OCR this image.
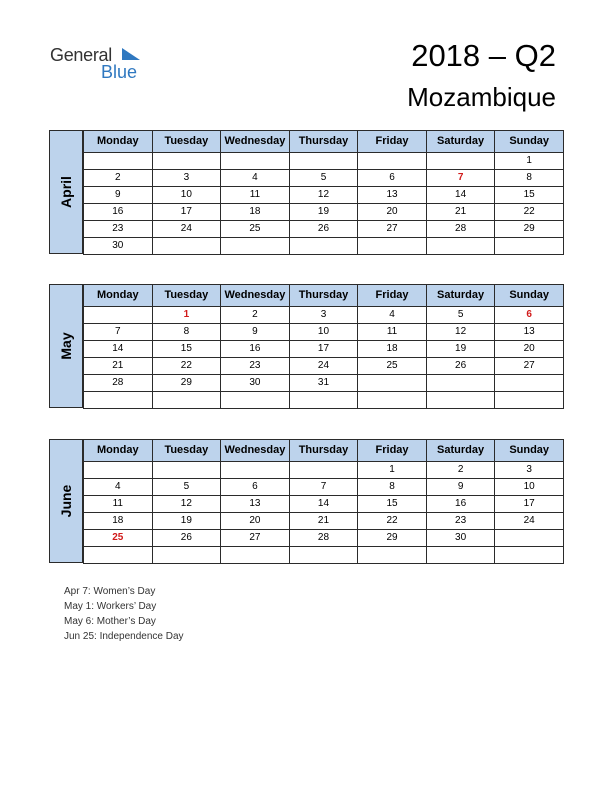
General
Blue	2018 – Q2
Mozambique
April
Monday	Tuesday	Wednesday	Thursday	Friday	Saturday	Sunday
						1
2	3	4	5	6	7	8
9	10	11	12	13	14	15
16	17	18	19	20	21	22
23	24	25	26	27	28	29
30						
May
Monday	Tuesday	Wednesday	Thursday	Friday	Saturday	Sunday
	1	2	3	4	5	6
7	8	9	10	11	12	13
14	15	16	17	18	19	20
21	22	23	24	25	26	27
28	29	30	31			

June
Monday	Tuesday	Wednesday	Thursday	Friday	Saturday	Sunday
				1	2	3
4	5	6	7	8	9	10
11	12	13	14	15	16	17
18	19	20	21	22	23	24
25	26	27	28	29	30	

Apr 7: Women’s Day
May 1: Workers’ Day
May 6: Mother’s Day
Jun 25: Independence Day
